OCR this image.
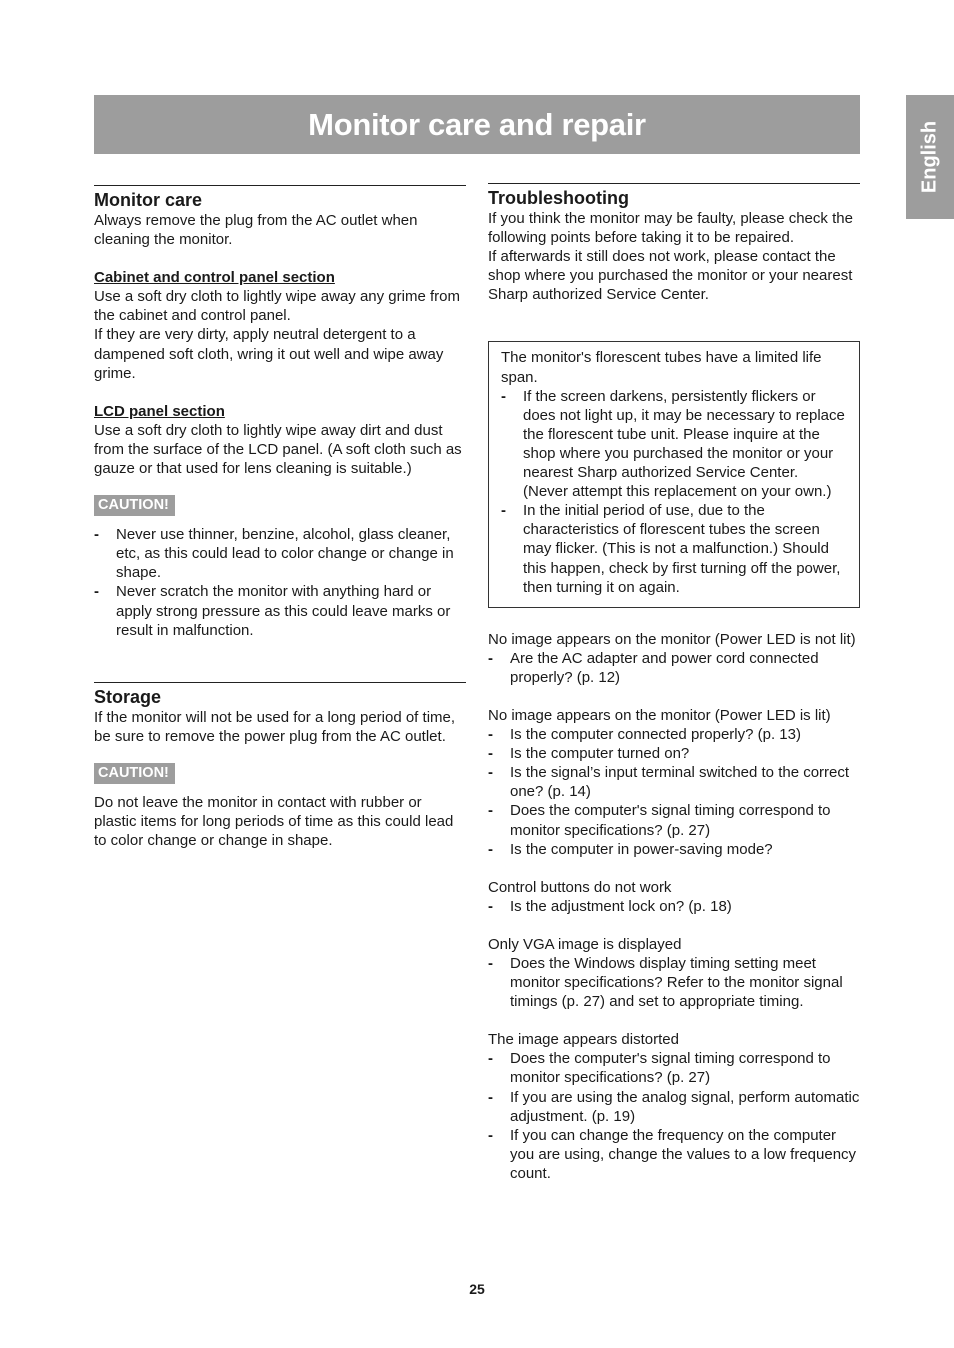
Monitor care and repair	English
Monitor care

Always remove the plug from the AC outlet when cleaning the monitor.

Cabinet and control panel section

Use a soft dry cloth to lightly wipe away any grime from the cabinet and control panel.

If they are very dirty, apply neutral detergent to a dampened soft cloth, wring it out well and wipe away grime.

LCD panel section

Use a soft dry cloth to lightly wipe away dirt and dust from the surface of the LCD panel. (A soft cloth such as gauze or that used for lens cleaning is suitable.)

CAUTION!
- Never use thinner, benzine, alcohol, glass cleaner, etc, as this could lead to color change or change in shape.
- Never scratch the monitor with anything hard or apply strong pressure as this could leave marks or result in malfunction.
Storage

If the monitor will not be used for a long period of time, be sure to remove the power plug from the AC outlet.

CAUTION!

Do not leave the monitor in contact with rubber or plastic items for long periods of time as this could lead to color change or change in shape.

Troubleshooting

If you think the monitor may be faulty, please check the following points before taking it to be repaired.

If afterwards it still does not work, please contact the shop where you purchased the monitor or your nearest Sharp authorized Service Center.

The monitor's florescent tubes have a limited life span.

- If the screen darkens, persistently flickers or does not light up, it may be necessary to replace the florescent tube unit. Please inquire at the shop where you purchased the monitor or your nearest Sharp authorized Service Center. (Never attempt this replacement on your own.)
- In the initial period of use, due to the characteristics of florescent tubes the screen may flicker. (This is not a malfunction.) Should this happen, check by first turning off the power, then turning it on again.

No image appears on the monitor (Power LED is not lit)

- Are the AC adapter and power cord connected properly? (p. 12)

No image appears on the monitor (Power LED is lit)

- Is the computer connected properly? (p. 13)
- Is the computer turned on?
- Is the signal’s input terminal switched to the correct one? (p. 14)
- Does the computer's signal timing correspond to monitor specifications? (p. 27)
- Is the computer in power-saving mode?

Control buttons do not work

- Is the adjustment lock on? (p. 18)

Only VGA image is displayed

- Does the Windows display timing setting meet monitor specifications? Refer to the monitor signal timings (p. 27) and set to appropriate timing.

The image appears distorted

- Does the computer's signal timing correspond to monitor specifications? (p. 27)
- If you are using the analog signal, perform automatic adjustment. (p. 19)
- If you can change the frequency on the computer you are using, change the values to a low frequency count.
25
